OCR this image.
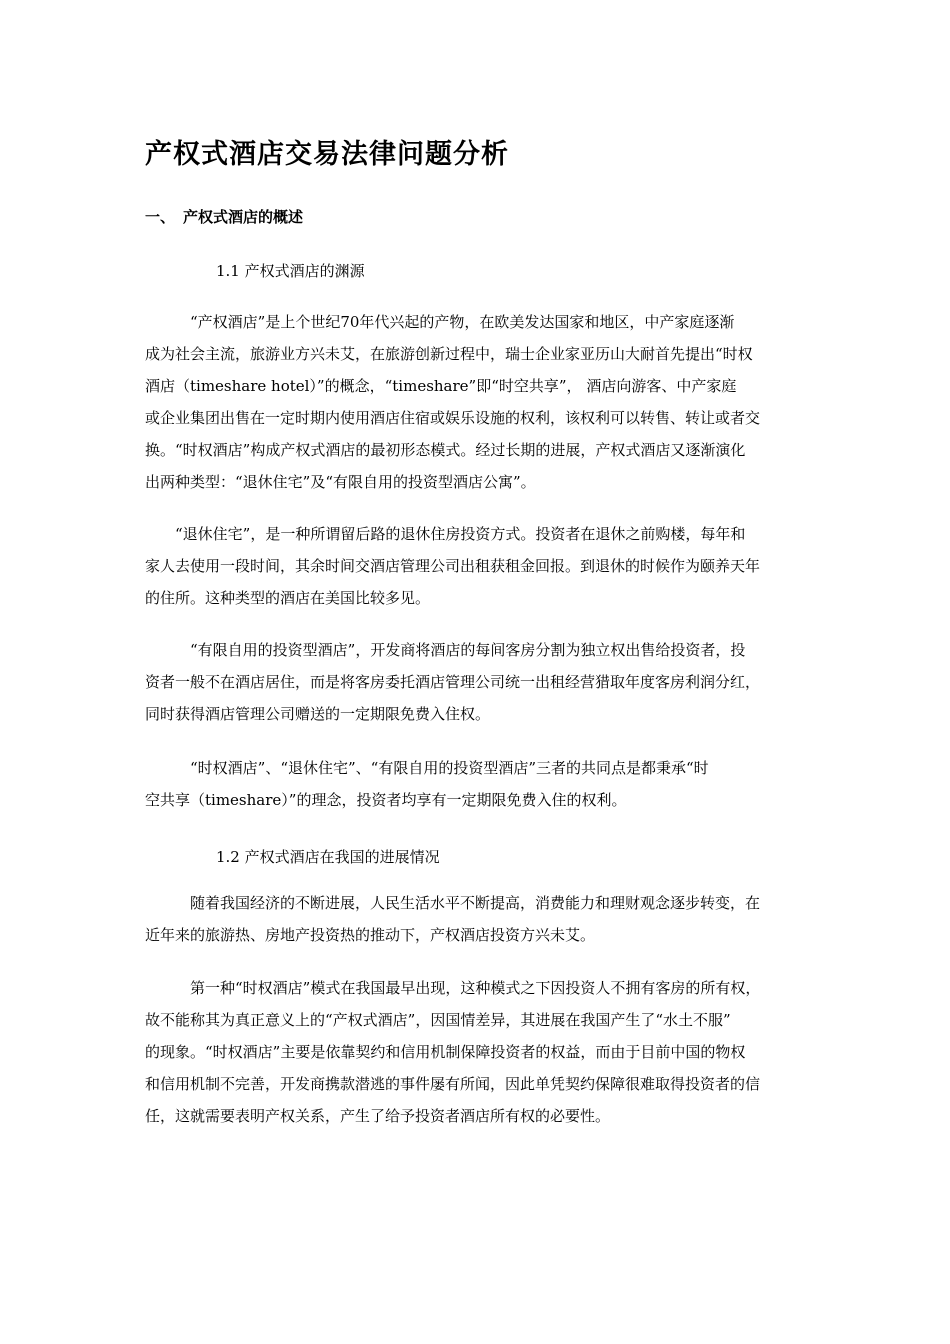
产权式酒店交易法律问题分析
一、 产权式酒店的概述
1.1 产权式酒店的渊源
　　　“产权酒店”是上个世纪70年代兴起的产物，在欧美发达国家和地区，中产家庭逐渐
成为社会主流，旅游业方兴未艾，在旅游创新过程中，瑞士企业家亚历山大耐首先提出“时权
酒店（timeshare hotel）”的概念，“timeshare”即“时空共享”， 酒店向游客、中产家庭
或企业集团出售在一定时期内使用酒店住宿或娱乐设施的权利，该权利可以转售、转让或者交
换。“时权酒店”构成产权式酒店的最初形态模式。经过长期的进展，产权式酒店又逐渐演化
出两种类型：“退休住宅”及“有限自用的投资型酒店公寓”。
　　“退休住宅”，是一种所谓留后路的退休住房投资方式。投资者在退休之前购楼，每年和
家人去使用一段时间，其余时间交酒店管理公司出租获租金回报。到退休的时候作为颐养天年
的住所。这种类型的酒店在美国比较多见。
　　　“有限自用的投资型酒店”，开发商将酒店的每间客房分割为独立权出售给投资者，投
资者一般不在酒店居住，而是将客房委托酒店管理公司统一出租经营猎取年度客房利润分红，
同时获得酒店管理公司赠送的一定期限免费入住权。
　　　“时权酒店”、“退休住宅”、“有限自用的投资型酒店”三者的共同点是都秉承“时
空共享（timeshare）”的理念，投资者均享有一定期限免费入住的权利。
1.2 产权式酒店在我国的进展情况
　　　随着我国经济的不断进展，人民生活水平不断提高，消费能力和理财观念逐步转变，在
近年来的旅游热、房地产投资热的推动下，产权酒店投资方兴未艾。
　　　第一种“时权酒店”模式在我国最早出现，这种模式之下因投资人不拥有客房的所有权，
故不能称其为真正意义上的“产权式酒店”，因国情差异，其进展在我国产生了“水土不服”
的现象。“时权酒店”主要是依靠契约和信用机制保障投资者的权益，而由于目前中国的物权
和信用机制不完善，开发商携款潜逃的事件屡有所闻，因此单凭契约保障很难取得投资者的信
任，这就需要表明产权关系，产生了给予投资者酒店所有权的必要性。
